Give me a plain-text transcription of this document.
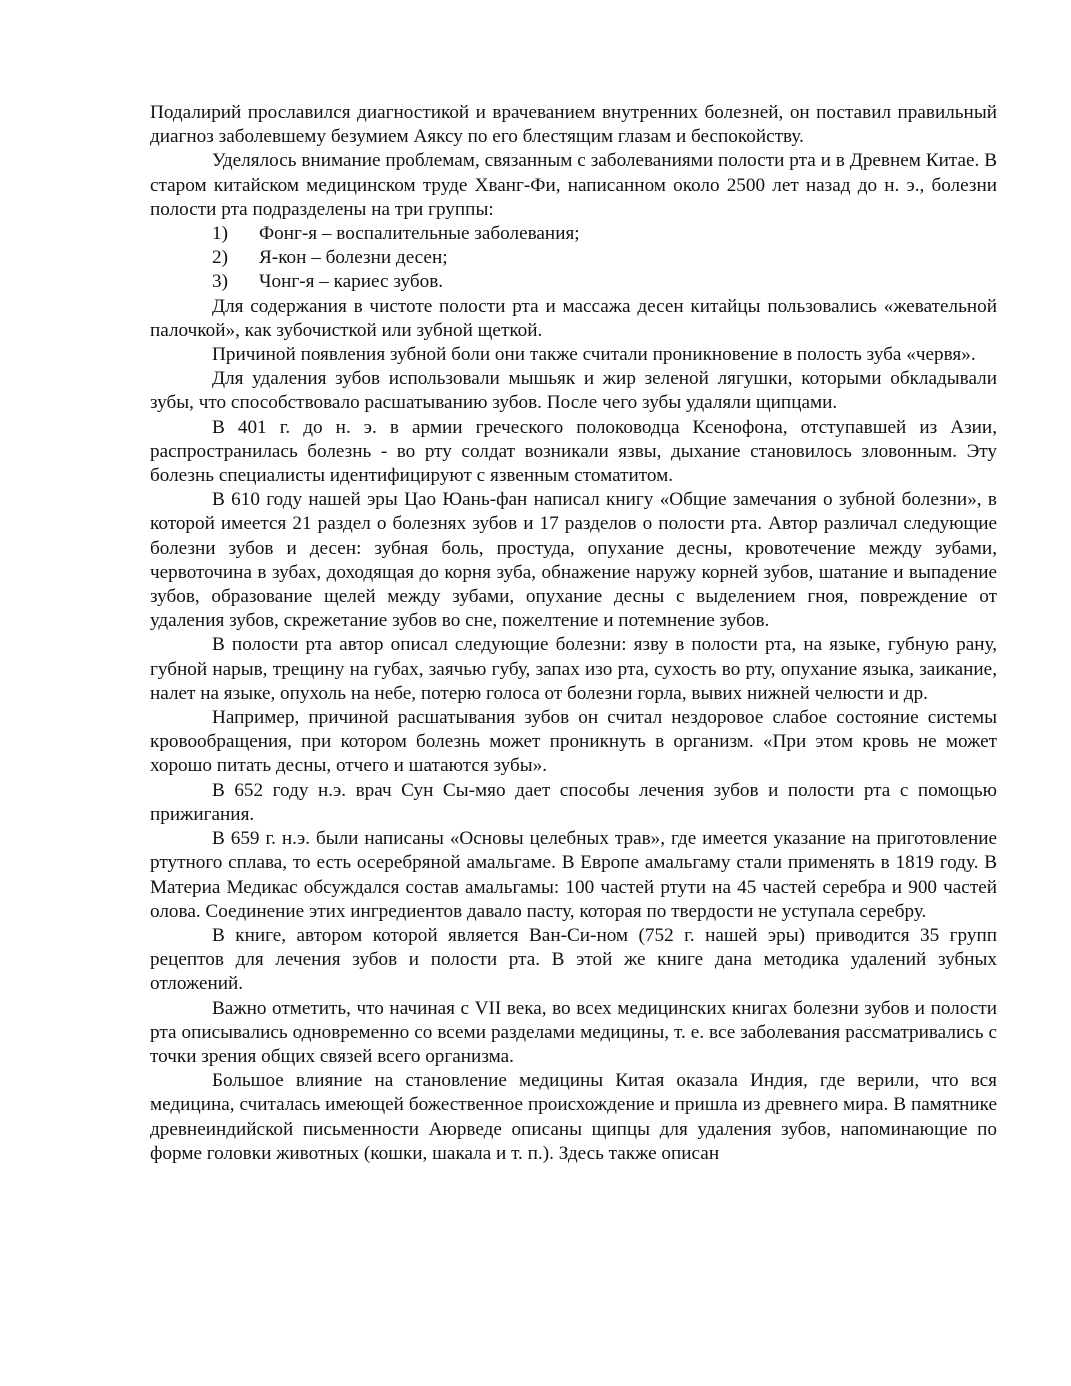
Подалирий прославился диагностикой и врачеванием внутренних болезней, он поставил правильный диагноз заболевшему безумием Аяксу по его блестящим глазам и беспокойству.

Уделялось внимание проблемам, связанным с заболеваниями полости рта и в Древнем Китае. В старом китайском медицинском труде Хванг-Фи, написанном около 2500 лет назад до н. э., болезни полости рта подразделены на три группы:

1)	Фонг-я – воспалительные заболевания;
2)	Я-кон – болезни десен;
3)	Чонг-я – кариес зубов.

Для содержания в чистоте полости рта и массажа десен китайцы пользовались «жевательной палочкой», как зубочисткой или зубной щеткой.

Причиной появления зубной боли они также считали проникновение в полость зуба «червя».

Для удаления зубов использовали мышьяк и жир зеленой лягушки, которыми обкладывали зубы, что способствовало расшатыванию зубов. После чего зубы удаляли щипцами.

В 401 г. до н. э. в армии греческого полоководца Ксенофона, отступавшей из Азии, распространилась болезнь - во рту солдат возникали язвы, дыхание становилось зловонным. Эту болезнь специалисты идентифицируют с язвенным стоматитом.

В 610 году нашей эры Цао Юань-фан написал книгу «Общие замечания о зубной болезни», в которой имеется 21 раздел о болезнях зубов и 17 разделов о полости рта. Автор различал следующие болезни зубов и десен: зубная боль, простуда, опухание десны, кровотечение между зубами, червоточина в зубах, доходящая до корня зуба, обнажение наружу корней зубов, шатание и выпадение зубов, образование щелей между зубами, опухание десны с выделением гноя, повреждение от удаления зубов, скрежетание зубов во сне, пожелтение и потемнение зубов.

В полости рта автор описал следующие болезни: язву в полости рта, на языке, губную рану, губной нарыв, трещину на губах, заячью губу, запах изо рта, сухость во рту, опухание языка, заикание, налет на языке, опухоль на небе, потерю голоса от болезни горла, вывих нижней челюсти и др.

Например, причиной расшатывания зубов он считал нездоровое слабое состояние системы кровообращения, при котором болезнь может проникнуть в организм. «При этом кровь не может хорошо питать десны, отчего и шатаются зубы».

В 652 году н.э. врач Сун Сы-мяо дает способы лечения зубов и полости рта с помощью прижигания.

В 659 г. н.э. были написаны «Основы целебных трав», где имеется указание на приготовление ртутного сплава, то есть осеребряной амальгаме. В Европе амальгаму стали применять в 1819 году. В Материа Медикас обсуждался состав амальгамы: 100 частей ртути на 45 частей серебра и 900 частей олова. Соединение этих ингредиентов давало пасту, которая по твердости не уступала серебру.

В книге, автором которой является Ван-Си-ном (752 г. нашей эры) приводится 35 групп рецептов для лечения зубов и полости рта. В этой же книге дана методика удалений зубных отложений.

Важно отметить, что начиная с VII века, во всех медицинских книгах болезни зубов и полости рта описывались одновременно со всеми разделами медицины, т. е. все заболевания рассматривались с точки зрения общих связей всего организма.

Большое влияние на становление медицины Китая оказала Индия, где верили, что вся медицина, считалась имеющей божественное происхождение и пришла из древнего мира. В памятнике древнеиндийской письменности Аюрведе описаны щипцы для удаления зубов, напоминающие по форме головки животных (кошки, шакала и т. п.). Здесь также описан
